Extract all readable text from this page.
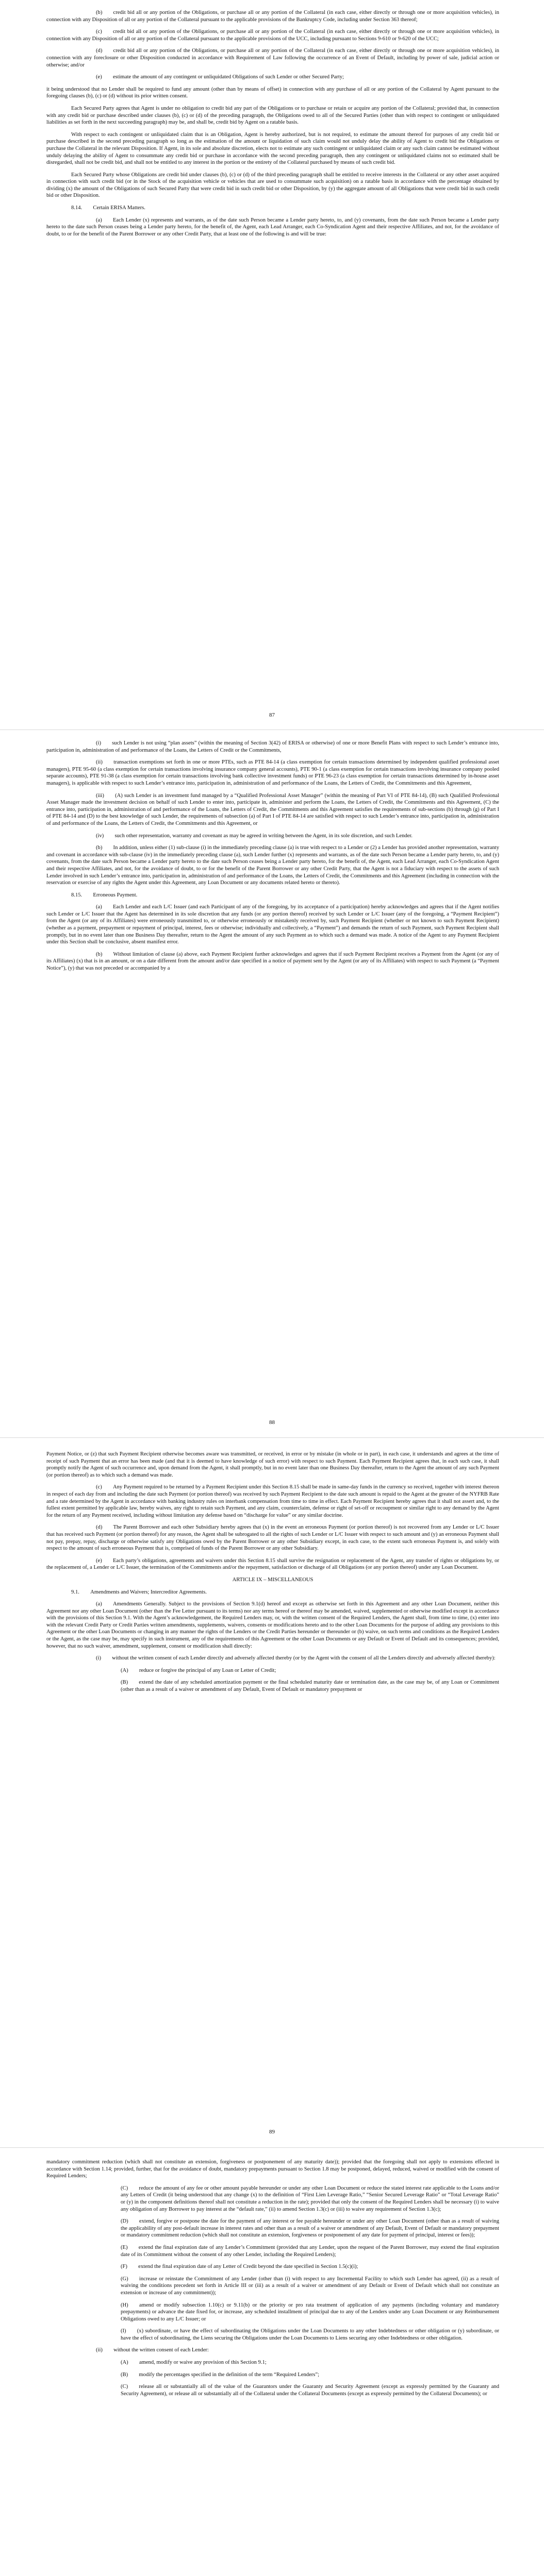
(b)  credit bid all or any portion of the Obligations, or purchase all or any portion of the Collateral (in each case, either directly or through one or more acquisition vehicles), in connection with any Disposition of all or any portion of the Collateral pursuant to the applicable provisions of the Bankruptcy Code, including under Section 363 thereof;

(c)  credit bid all or any portion of the Obligations, or purchase all or any portion of the Collateral (in each case, either directly or through one or more acquisition vehicles), in connection with any Disposition of all or any portion of the Collateral pursuant to the applicable provisions of the UCC, including pursuant to Sections 9-610 or 9-620 of the UCC;

(d)  credit bid all or any portion of the Obligations, or purchase all or any portion of the Collateral (in each case, either directly or through one or more acquisition vehicles), in connection with any foreclosure or other Disposition conducted in accordance with Requirement of Law following the occurrence of an Event of Default, including by power of sale, judicial action or otherwise; and/or

(e)  estimate the amount of any contingent or unliquidated Obligations of such Lender or other Secured Party;

it being understood that no Lender shall be required to fund any amount (other than by means of offset) in connection with any purchase of all or any portion of the Collateral by Agent pursuant to the foregoing clauses (b), (c) or (d) without its prior written consent.

Each Secured Party agrees that Agent is under no obligation to credit bid any part of the Obligations or to purchase or retain or acquire any portion of the Collateral; provided that, in connection with any credit bid or purchase described under clauses (b), (c) or (d) of the preceding paragraph, the Obligations owed to all of the Secured Parties (other than with respect to contingent or unliquidated liabilities as set forth in the next succeeding paragraph) may be, and shall be, credit bid by Agent on a ratable basis.

With respect to each contingent or unliquidated claim that is an Obligation, Agent is hereby authorized, but is not required, to estimate the amount thereof for purposes of any credit bid or purchase described in the second preceding paragraph so long as the estimation of the amount or liquidation of such claim would not unduly delay the ability of Agent to credit bid the Obligations or purchase the Collateral in the relevant Disposition. If Agent, in its sole and absolute discretion, elects not to estimate any such contingent or unliquidated claim or any such claim cannot be estimated without unduly delaying the ability of Agent to consummate any credit bid or purchase in accordance with the second preceding paragraph, then any contingent or unliquidated claims not so estimated shall be disregarded, shall not be credit bid, and shall not be entitled to any interest in the portion or the entirety of the Collateral purchased by means of such credit bid.

Each Secured Party whose Obligations are credit bid under clauses (b), (c) or (d) of the third preceding paragraph shall be entitled to receive interests in the Collateral or any other asset acquired in connection with such credit bid (or in the Stock of the acquisition vehicle or vehicles that are used to consummate such acquisition) on a ratable basis in accordance with the percentage obtained by dividing (x) the amount of the Obligations of such Secured Party that were credit bid in such credit bid or other Disposition, by (y) the aggregate amount of all Obligations that were credit bid in such credit bid or other Disposition.

8.14.  Certain ERISA Matters.

(a)  Each Lender (x) represents and warrants, as of the date such Person became a Lender party hereto, to, and (y) covenants, from the date such Person became a Lender party hereto to the date such Person ceases being a Lender party hereto, for the benefit of, the Agent, each Lead Arranger, each Co-Syndication Agent and their respective Affiliates, and not, for the avoidance of doubt, to or for the benefit of the Parent Borrower or any other Credit Party, that at least one of the following is and will be true:

87

(i)  such Lender is not using “plan assets” (within the meaning of Section 3(42) of ERISA or otherwise) of one or more Benefit Plans with respect to such Lender’s entrance into, participation in, administration of and performance of the Loans, the Letters of Credit or the Commitments,

(ii)  transaction exemptions set forth in one or more PTEs, such as PTE 84-14 (a class exemption for certain transactions determined by independent qualified professional asset managers), PTE 95-60 (a class exemption for certain transactions involving insurance company general accounts), PTE 90-1 (a class exemption for certain transactions involving insurance company pooled separate accounts), PTE 91-38 (a class exemption for certain transactions involving bank collective investment funds) or PTE 96-23 (a class exemption for certain transactions determined by in-house asset managers), is applicable with respect to such Lender’s entrance into, participation in, administration of and performance of the Loans, the Letters of Credit, the Commitments and this Agreement,

(iii)  (A) such Lender is an investment fund managed by a “Qualified Professional Asset Manager” (within the meaning of Part VI of PTE 84-14), (B) such Qualified Professional Asset Manager made the investment decision on behalf of such Lender to enter into, participate in, administer and perform the Loans, the Letters of Credit, the Commitments and this Agreement, (C) the entrance into, participation in, administration of and performance of the Loans, the Letters of Credit, the Commitments and this Agreement satisfies the requirements of sub-sections (b) through (g) of Part I of PTE 84-14 and (D) to the best knowledge of such Lender, the requirements of subsection (a) of Part I of PTE 84-14 are satisfied with respect to such Lender’s entrance into, participation in, administration of and performance of the Loans, the Letters of Credit, the Commitments and this Agreement, or

(iv)  such other representation, warranty and covenant as may be agreed in writing between the Agent, in its sole discretion, and such Lender.

(b)  In addition, unless either (1) sub-clause (i) in the immediately preceding clause (a) is true with respect to a Lender or (2) a Lender has provided another representation, warranty and covenant in accordance with sub-clause (iv) in the immediately preceding clause (a), such Lender further (x) represents and warrants, as of the date such Person became a Lender party hereto, to, and (y) covenants, from the date such Person became a Lender party hereto to the date such Person ceases being a Lender party hereto, for the benefit of, the Agent, each Lead Arranger, each Co-Syndication Agent and their respective Affiliates, and not, for the avoidance of doubt, to or for the benefit of the Parent Borrower or any other Credit Party, that the Agent is not a fiduciary with respect to the assets of such Lender involved in such Lender’s entrance into, participation in, administration of and performance of the Loans, the Letters of Credit, the Commitments and this Agreement (including in connection with the reservation or exercise of any rights the Agent under this Agreement, any Loan Document or any documents related hereto or thereto).

8.15.  Erroneous Payment.

(a)  Each Lender and each L/C Issuer (and each Participant of any of the foregoing, by its acceptance of a participation) hereby acknowledges and agrees that if the Agent notifies such Lender or L/C Issuer that the Agent has determined in its sole discretion that any funds (or any portion thereof) received by such Lender or L/C Issuer (any of the foregoing, a “Payment Recipient”) from the Agent (or any of its Affiliates) were erroneously transmitted to, or otherwise erroneously or mistakenly received by, such Payment Recipient (whether or not known to such Payment Recipient) (whether as a payment, prepayment or repayment of principal, interest, fees or otherwise; individually and collectively, a “Payment”) and demands the return of such Payment, such Payment Recipient shall promptly, but in no event later than one Business Day thereafter, return to the Agent the amount of any such Payment as to which such a demand was made. A notice of the Agent to any Payment Recipient under this Section shall be conclusive, absent manifest error.

(b)  Without limitation of clause (a) above, each Payment Recipient further acknowledges and agrees that if such Payment Recipient receives a Payment from the Agent (or any of its Affiliates) (x) that is in an amount, or on a date different from the amount and/or date specified in a notice of payment sent by the Agent (or any of its Affiliates) with respect to such Payment (a “Payment Notice”), (y) that was not preceded or accompanied by a

88

Payment Notice, or (z) that such Payment Recipient otherwise becomes aware was transmitted, or received, in error or by mistake (in whole or in part), in each case, it understands and agrees at the time of receipt of such Payment that an error has been made (and that it is deemed to have knowledge of such error) with respect to such Payment. Each Payment Recipient agrees that, in each such case, it shall promptly notify the Agent of such occurrence and, upon demand from the Agent, it shall promptly, but in no event later than one Business Day thereafter, return to the Agent the amount of any such Payment (or portion thereof) as to which such a demand was made.

(c)  Any Payment required to be returned by a Payment Recipient under this Section 8.15 shall be made in same-day funds in the currency so received, together with interest thereon in respect of each day from and including the date such Payment (or portion thereof) was received by such Payment Recipient to the date such amount is repaid to the Agent at the greater of the NYFRB Rate and a rate determined by the Agent in accordance with banking industry rules on interbank compensation from time to time in effect. Each Payment Recipient hereby agrees that it shall not assert and, to the fullest extent permitted by applicable law, hereby waives, any right to retain such Payment, and any claim, counterclaim, defense or right of set-off or recoupment or similar right to any demand by the Agent for the return of any Payment received, including without limitation any defense based on “discharge for value” or any similar doctrine.

(d)  The Parent Borrower and each other Subsidiary hereby agrees that (x) in the event an erroneous Payment (or portion thereof) is not recovered from any Lender or L/C Issuer that has received such Payment (or portion thereof) for any reason, the Agent shall be subrogated to all the rights of such Lender or L/C Issuer with respect to such amount and (y) an erroneous Payment shall not pay, prepay, repay, discharge or otherwise satisfy any Obligations owed by the Parent Borrower or any other Subsidiary except, in each case, to the extent such erroneous Payment is, and solely with respect to the amount of such erroneous Payment that is, comprised of funds of the Parent Borrower or any other Subsidiary.

(e)  Each party’s obligations, agreements and waivers under this Section 8.15 shall survive the resignation or replacement of the Agent, any transfer of rights or obligations by, or the replacement of, a Lender or L/C Issuer, the termination of the Commitments and/or the repayment, satisfaction or discharge of all Obligations (or any portion thereof) under any Loan Document.

ARTICLE IX – MISCELLANEOUS

9.1.  Amendments and Waivers; Intercreditor Agreements.

(a)  Amendments Generally. Subject to the provisions of Section 9.1(d) hereof and except as otherwise set forth in this Agreement and any other Loan Document, neither this Agreement nor any other Loan Document (other than the Fee Letter pursuant to its terms) nor any terms hereof or thereof may be amended, waived, supplemented or otherwise modified except in accordance with the provisions of this Section 9.1. With the Agent’s acknowledgement, the Required Lenders may, or, with the written consent of the Required Lenders, the Agent shall, from time to time, (x) enter into with the relevant Credit Party or Credit Parties written amendments, supplements, waivers, consents or modifications hereto and to the other Loan Documents for the purpose of adding any provisions to this Agreement or the other Loan Documents or changing in any manner the rights of the Lenders or the Credit Parties hereunder or thereunder or (b) waive, on such terms and conditions as the Required Lenders or the Agent, as the case may be, may specify in such instrument, any of the requirements of this Agreement or the other Loan Documents or any Default or Event of Default and its consequences; provided, however, that no such waiver, amendment, supplement, consent or modification shall directly:

(i)  without the written consent of each Lender directly and adversely affected thereby (or by the Agent with the consent of all the Lenders directly and adversely affected thereby):

(A)  reduce or forgive the principal of any Loan or Letter of Credit;

(B)  extend the date of any scheduled amortization payment or the final scheduled maturity date or termination date, as the case may be, of any Loan or Commitment (other than as a result of a waiver or amendment of any Default, Event of Default or mandatory prepayment or

89

mandatory commitment reduction (which shall not constitute an extension, forgiveness or postponement of any maturity date)); provided that the foregoing shall not apply to extensions effected in accordance with Section 1.14; provided, further, that for the avoidance of doubt, mandatory prepayments pursuant to Section 1.8 may be postponed, delayed, reduced, waived or modified with the consent of Required Lenders;

(C)  reduce the amount of any fee or other amount payable hereunder or under any other Loan Document or reduce the stated interest rate applicable to the Loans and/or any Letters of Credit (it being understood that any change (x) to the definition of “First Lien Leverage Ratio,” “Senior Secured Leverage Ratio” or “Total Leverage Ratio” or (y) in the component definitions thereof shall not constitute a reduction in the rate); provided that only the consent of the Required Lenders shall be necessary (i) to waive any obligation of any Borrower to pay interest at the “default rate,” (ii) to amend Section 1.3(c) or (iii) to waive any requirement of Section 1.3(c);

(D)  extend, forgive or postpone the date for the payment of any interest or fee payable hereunder or under any other Loan Document (other than as a result of waiving the applicability of any post-default increase in interest rates and other than as a result of a waiver or amendment of any Default, Event of Default or mandatory prepayment or mandatory commitment reduction (which shall not constitute an extension, forgiveness or postponement of any date for payment of principal, interest or fees));

(E)  extend the final expiration date of any Lender’s Commitment (provided that any Lender, upon the request of the Parent Borrower, may extend the final expiration date of its Commitment without the consent of any other Lender, including the Required Lenders);

(F)  extend the final expiration date of any Letter of Credit beyond the date specified in Section 1.5(c)(i);

(G)  increase or reinstate the Commitment of any Lender (other than (i) with respect to any Incremental Facility to which such Lender has agreed, (ii) as a result of waiving the conditions precedent set forth in Article III or (iii) as a result of a waiver or amendment of any Default or Event of Default which shall not constitute an extension or increase of any commitment));

(H)  amend or modify subsection 1.10(c) or 9.11(b) or the priority or pro rata treatment of application of any payments (including voluntary and mandatory prepayments) or advance the date fixed for, or increase, any scheduled installment of principal due to any of the Lenders under any Loan Document or any Reimbursement Obligations owed to any L/C Issuer; or

(I)  (x) subordinate, or have the effect of subordinating the Obligations under the Loan Documents to any other Indebtedness or other obligation or (y) subordinate, or have the effect of subordinating, the Liens securing the Obligations under the Loan Documents to Liens securing any other Indebtedness or other obligation.

(ii)  without the written consent of each Lender:

(A)  amend, modify or waive any provision of this Section 9.1;

(B)  modify the percentages specified in the definition of the term “Required Lenders”;

(C)  release all or substantially all of the value of the Guarantors under the Guaranty and Security Agreement (except as expressly permitted by the Guaranty and Security Agreement), or release all or substantially all of the Collateral under the Collateral Documents (except as expressly permitted by the Collateral Documents); or
